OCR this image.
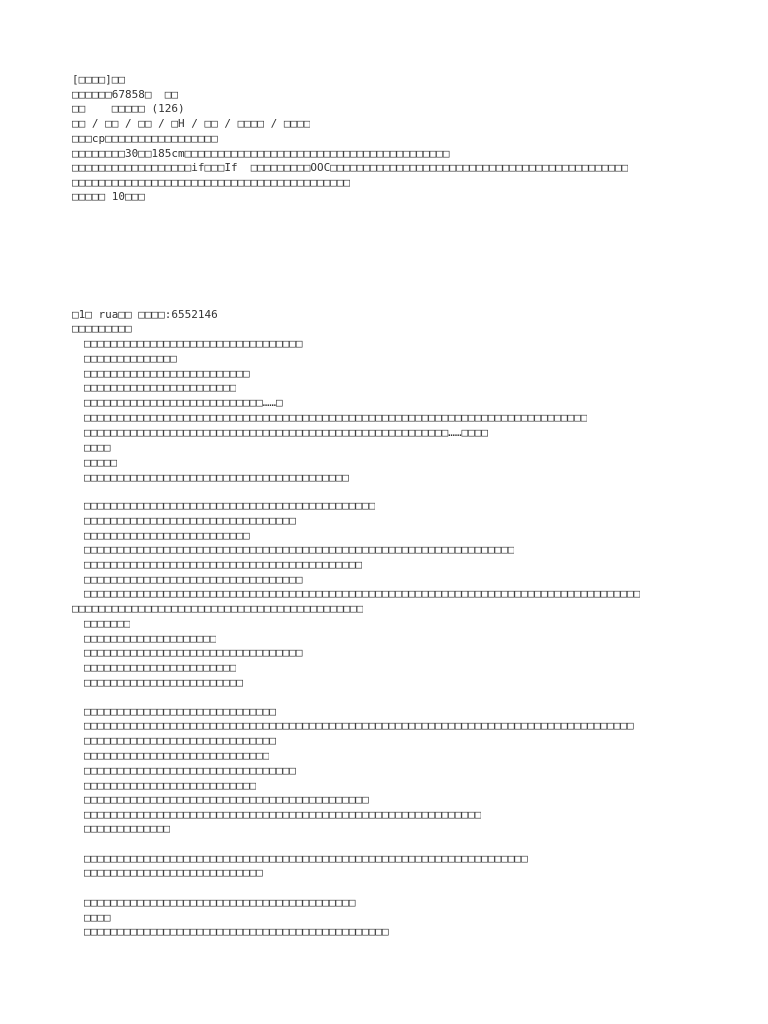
[□□□□]□□
□□□□□□67858□  □□
□□    □□□□□ (126)
□□ / □□ / □□ / □H / □□ / □□□□ / □□□□
□□□cp□□□□□□□□□□□□□□□□□
□□□□□□□□30□□185cm□□□□□□□□□□□□□□□□□□□□□□□□□□□□□□□□□□□□□□□□
□□□□□□□□□□□□□□□□□□if□□□If  □□□□□□□□□OOC□□□□□□□□□□□□□□□□□□□□□□□□□□□□□□□□□□□□□□□□□□□□□
□□□□□□□□□□□□□□□□□□□□□□□□□□□□□□□□□□□□□□□□□□
□□□□□ 10□□□
□1□ rua□□ □□□□:6552146
□□□□□□□□□
□□□□□□□□□□□□□□□□□□□□□□□□□□□□□□□□□
□□□□□□□□□□□□□□
□□□□□□□□□□□□□□□□□□□□□□□□□
□□□□□□□□□□□□□□□□□□□□□□□
□□□□□□□□□□□□□□□□□□□□□□□□□□□……□
□□□□□□□□□□□□□□□□□□□□□□□□□□□□□□□□□□□□□□□□□□□□□□□□□□□□□□□□□□□□□□□□□□□□□□□□□□□□
□□□□□□□□□□□□□□□□□□□□□□□□□□□□□□□□□□□□□□□□□□□□□□□□□□□□□□□……□□□□
□□□□
□□□□□
□□□□□□□□□□□□□□□□□□□□□□□□□□□□□□□□□□□□□□□□
□□□□□□□□□□□□□□□□□□□□□□□□□□□□□□□□□□□□□□□□□□□□
□□□□□□□□□□□□□□□□□□□□□□□□□□□□□□□□
□□□□□□□□□□□□□□□□□□□□□□□□□
□□□□□□□□□□□□□□□□□□□□□□□□□□□□□□□□□□□□□□□□□□□□□□□□□□□□□□□□□□□□□□□□□
□□□□□□□□□□□□□□□□□□□□□□□□□□□□□□□□□□□□□□□□□□
□□□□□□□□□□□□□□□□□□□□□□□□□□□□□□□□□
□□□□□□□□□□□□□□□□□□□□□□□□□□□□□□□□□□□□□□□□□□□□□□□□□□□□□□□□□□□□□□□□□□□□□□□□□□□□□□□□□□□□
□□□□□□□□□□□□□□□□□□□□□□□□□□□□□□□□□□□□□□□□□□□□
□□□□□□□
□□□□□□□□□□□□□□□□□□□□
□□□□□□□□□□□□□□□□□□□□□□□□□□□□□□□□□
□□□□□□□□□□□□□□□□□□□□□□□
□□□□□□□□□□□□□□□□□□□□□□□□
□□□□□□□□□□□□□□□□□□□□□□□□□□□□□
□□□□□□□□□□□□□□□□□□□□□□□□□□□□□□□□□□□□□□□□□□□□□□□□□□□□□□□□□□□□□□□□□□□□□□□□□□□□□□□□□□□
□□□□□□□□□□□□□□□□□□□□□□□□□□□□□
□□□□□□□□□□□□□□□□□□□□□□□□□□□□
□□□□□□□□□□□□□□□□□□□□□□□□□□□□□□□□
□□□□□□□□□□□□□□□□□□□□□□□□□□
□□□□□□□□□□□□□□□□□□□□□□□□□□□□□□□□□□□□□□□□□□□
□□□□□□□□□□□□□□□□□□□□□□□□□□□□□□□□□□□□□□□□□□□□□□□□□□□□□□□□□□□□
□□□□□□□□□□□□□
□□□□□□□□□□□□□□□□□□□□□□□□□□□□□□□□□□□□□□□□□□□□□□□□□□□□□□□□□□□□□□□□□□□
□□□□□□□□□□□□□□□□□□□□□□□□□□□
□□□□□□□□□□□□□□□□□□□□□□□□□□□□□□□□□□□□□□□□□
□□□□
□□□□□□□□□□□□□□□□□□□□□□□□□□□□□□□□□□□□□□□□□□□□□□
